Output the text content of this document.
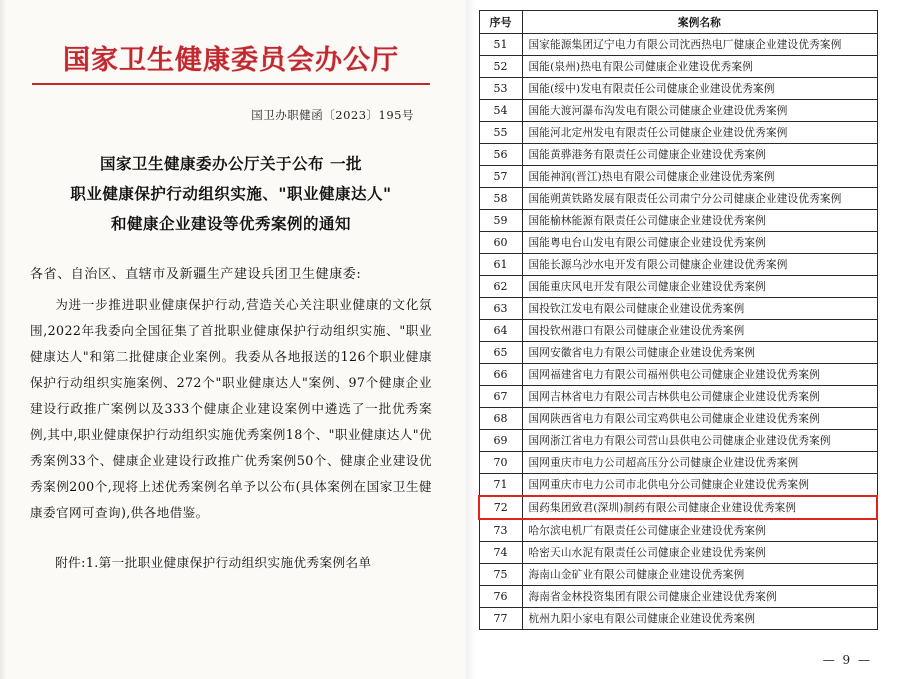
国家卫生健康委员会办公厅
国卫办职健函〔2023〕195号
国家卫生健康委办公厅关于公布 一批
职业健康保护行动组织实施、"职业健康达人"
和健康企业建设等优秀案例的通知
各省、自治区、直辖市及新疆生产建设兵团卫生健康委:

为进一步推进职业健康保护行动,营造关心关注职业健康的文化氛围,2022年我委向全国征集了首批职业健康保护行动组织实施、"职业健康达人"和第二批健康企业案例。我委从各地报送的126个职业健康保护行动组织实施案例、272个"职业健康达人"案例、97个健康企业建设行政推广案例以及333个健康企业建设案例中遴选了一批优秀案例,其中,职业健康保护行动组织实施优秀案例18个、"职业健康达人"优秀案例33个、健康企业建设行政推广优秀案例50个、健康企业建设优秀案例200个,现将上述优秀案例名单予以公布(具体案例在国家卫生健康委官网可查询),供各地借鉴。

附件:1.第一批职业健康保护行动组织实施优秀案例名单
序号	案例名称
51	国家能源集团辽宁电力有限公司沈西热电厂健康企业建设优秀案例
52	国能(泉州)热电有限公司健康企业建设优秀案例
53	国能(绥中)发电有限责任公司健康企业建设优秀案例
54	国能大渡河瀑布沟发电有限公司健康企业建设优秀案例
55	国能河北定州发电有限责任公司健康企业建设优秀案例
56	国能黄骅港务有限责任公司健康企业建设优秀案例
57	国能神润(晋江)热电有限公司健康企业建设优秀案例
58	国能朔黄铁路发展有限责任公司肃宁分公司健康企业建设优秀案例
59	国能榆林能源有限责任公司健康企业建设优秀案例
60	国能粤电台山发电有限公司健康企业建设优秀案例
61	国能长源乌沙水电开发有限公司健康企业建设优秀案例
62	国能重庆风电开发有限公司健康企业建设优秀案例
63	国投钦江发电有限公司健康企业建设优秀案例
64	国投钦州港口有限公司健康企业建设优秀案例
65	国网安徽省电力有限公司健康企业建设优秀案例
66	国网福建省电力有限公司福州供电公司健康企业建设优秀案例
67	国网吉林省电力有限公司吉林供电公司健康企业建设优秀案例
68	国网陕西省电力有限公司宝鸡供电公司健康企业建设优秀案例
69	国网浙江省电力有限公司营山县供电公司健康企业建设优秀案例
70	国网重庆市电力公司超高压分公司健康企业建设优秀案例
71	国网重庆市电力公司市北供电分公司健康企业建设优秀案例
72	国药集团致君(深圳)制药有限公司健康企业建设优秀案例
73	哈尔滨电机厂有限责任公司健康企业建设优秀案例
74	哈密天山水泥有限责任公司健康企业建设优秀案例
75	海南山金矿业有限公司健康企业建设优秀案例
76	海南省金林投资集团有限公司健康企业建设优秀案例
77	杭州九阳小家电有限公司健康企业建设优秀案例
— 9 —
